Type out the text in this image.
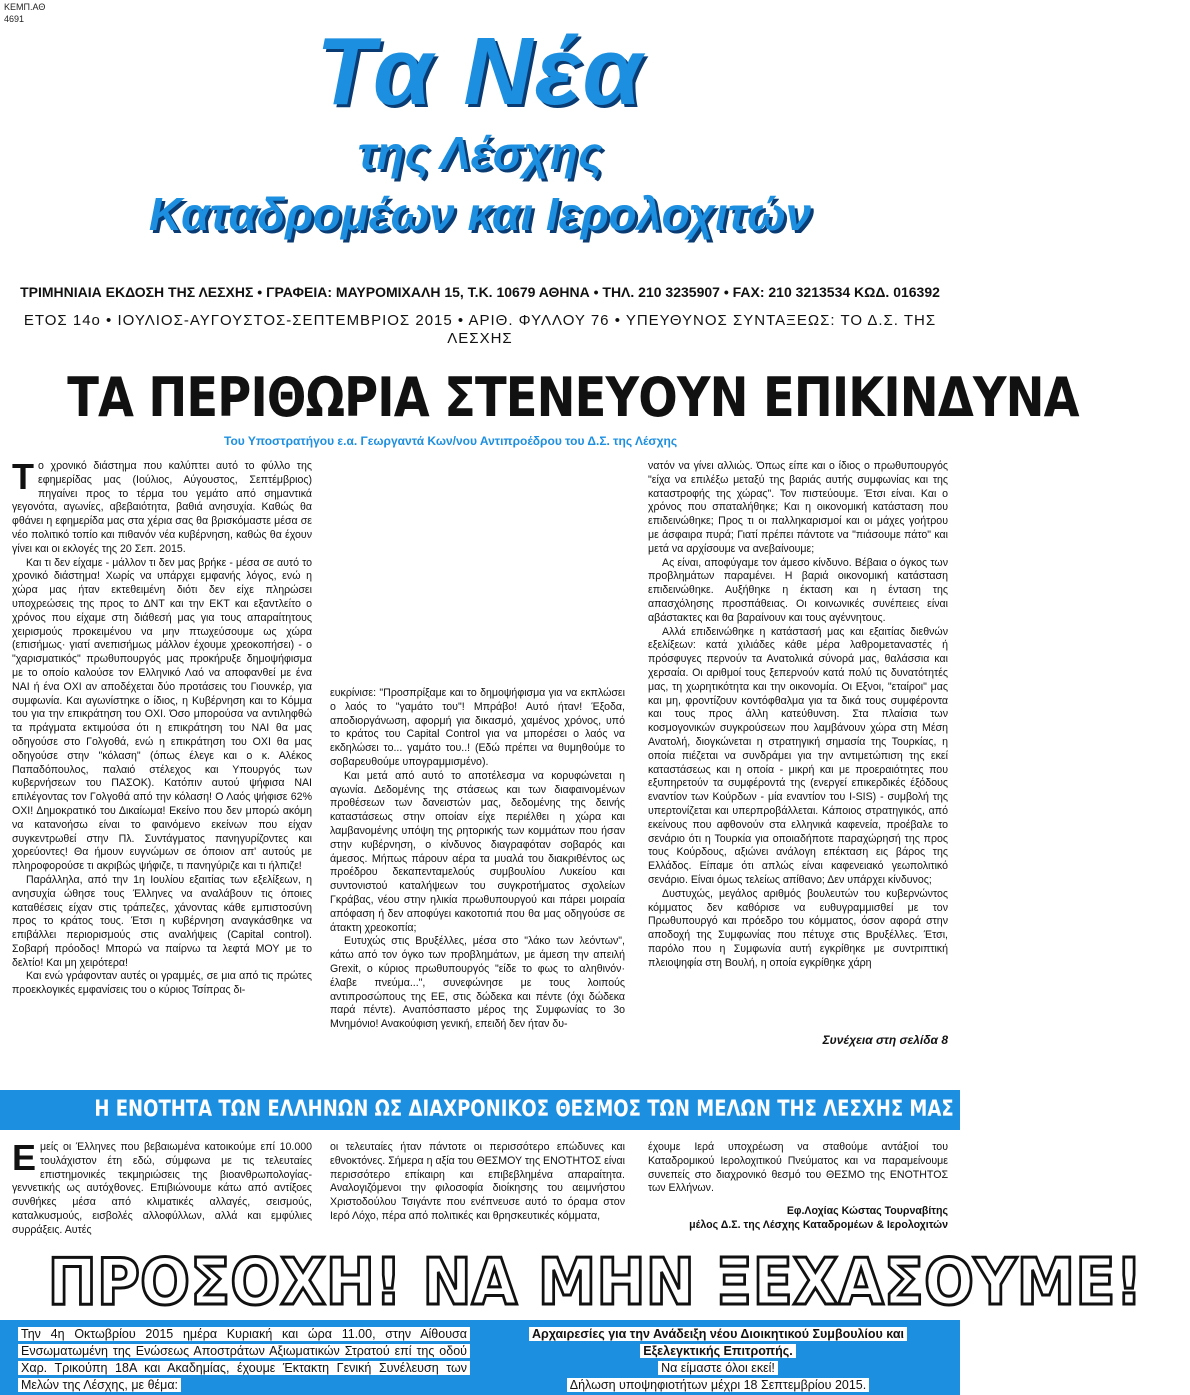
ΚΕΜΠ.ΑΘ
4691	Τα Νέα
της Λέσχης
Καταδρομέων και Ιερολοχιτών
ΤΡΙΜΗΝΙΑΙΑ ΕΚΔΟΣΗ ΤΗΣ ΛΕΣΧΗΣ • ΓΡΑΦΕΙΑ: ΜΑΥΡΟΜΙΧΑΛΗ 15, Τ.Κ. 10679 ΑΘΗΝΑ • ΤΗΛ. 210 3235907 • FAX: 210 3213534 ΚΩΔ. 016392
ΕΤΟΣ 14ο • ΙΟΥΛΙΟΣ-ΑΥΓΟΥΣΤΟΣ-ΣΕΠΤΕΜΒΡΙΟΣ 2015 • ΑΡΙΘ. ΦΥΛΛΟΥ 76 • ΥΠΕΥΘΥΝΟΣ ΣΥΝΤΑΞΕΩΣ: ΤΟ Δ.Σ. ΤΗΣ ΛΕΣΧΗΣ
ΤΑ ΠΕΡΙΘΩΡΙΑ ΣΤΕΝΕΥΟΥΝ ΕΠΙΚΙΝΔΥΝΑ
Του Υποστρατήγου ε.α. Γεωργαντά Κων/νου Αντιπροέδρου του Δ.Σ. της Λέσχης
Τ ο χρονικό διάστημα που καλύπτει αυτό το φύλλο της εφημερίδας μας (Ιούλιος, Αύγουστος, Σεπτέμβριος) πηγαίνει προς το τέρμα του γεμάτο από σημαντικά γεγονότα, αγωνίες, αβεβαιότητα, βαθιά ανησυχία. Καθώς θα φθάνει η εφημερίδα μας στα χέρια σας θα βρισκόμαστε μέσα σε νέο πολιτικό τοπίο και πιθανόν νέα κυβέρνηση, καθώς θα έχουν γίνει και οι εκλογές της 20 Σεπ. 2015.

Και τι δεν είχαμε - μάλλον τι δεν μας βρήκε - μέσα σε αυτό το χρονικό διάστημα! Χωρίς να υπάρχει εμφανής λόγος, ενώ η χώρα μας ήταν εκτεθειμένη διότι δεν είχε πληρώσει υποχρεώσεις της προς το ΔΝΤ και την ΕΚΤ και εξαντλείτο ο χρόνος που είχαμε στη διάθεσή μας για τους απαραίτητους χειρισμούς προκειμένου να μην πτωχεύσουμε ως χώρα (επισήμως· γιατί ανεπισήμως μάλλον έχουμε χρεοκοπήσει) - ο "χαρισματικός" πρωθυπουργός μας προκήρυξε δημοψήφισμα με το οποίο καλούσε τον Ελληνικό Λαό να αποφανθεί με ένα ΝΑΙ ή ένα ΟΧΙ αν αποδέχεται δύο προτάσεις του Γιουνκέρ, για συμφωνία. Και αγωνίστηκε ο ίδιος, η Κυβέρνηση και το Κόμμα του για την επικράτηση του ΟΧΙ. Όσο μπορούσα να αντιληφθώ τα πράγματα εκτιμούσα ότι η επικράτηση του ΝΑΙ θα μας οδηγούσε στο Γολγοθά, ενώ η επικράτηση του ΟΧΙ θα μας οδηγούσε στην "κόλαση" (όπως έλεγε και ο κ. Αλέκος Παπαδόπουλος, παλαιό στέλεχος και Υπουργός των κυβερνήσεων του ΠΑΣΟΚ). Κατόπιν αυτού ψήφισα ΝΑΙ επιλέγοντας τον Γολγοθά από την κόλαση! Ο Λαός ψήφισε 62% ΟΧΙ! Δημοκρατικό του Δικαίωμα! Εκείνο που δεν μπορώ ακόμη να κατανοήσω είναι το φαινόμενο εκείνων που είχαν συγκεντρωθεί στην Πλ. Συντάγματος πανηγυρίζοντες και χορεύοντες! Θα ήμουν ευγνώμων σε όποιον απ' αυτούς με πληροφορούσε τι ακριβώς ψήφιζε, τι πανηγύριζε και τι ήλπιζε!

Παράλληλα, από την 1η Ιουλίου εξαιτίας των εξελίξεων, η ανησυχία ώθησε τους Έλληνες να αναλάβουν τις όποιες καταθέσεις είχαν στις τράπεζες, χάνοντας κάθε εμπιστοσύνη προς το κράτος τους. Έτσι η κυβέρνηση αναγκάσθηκε να επιβάλλει περιορισμούς στις αναλήψεις (Capital control). Σοβαρή πρόοδος! Μπορώ να παίρνω τα λεφτά ΜΟΥ με το δελτίο! Και μη χειρότερα!

Και ενώ γράφονταν αυτές οι γραμμές, σε μια από τις πρώτες προεκλογικές εμφανίσεις του ο κύριος Τσίπρας δι-

ευκρίνισε: "Προσπρίξαμε και το δημοψήφισμα για να εκπλώσει ο λαός το "γαμάτο του"! Μπράβο! Αυτό ήταν! Έξοδα, αποδιοργάνωση, αφορμή για δικασμό, χαμένος χρόνος, υπό το κράτος του Capital Control για να μπορέσει ο λαός να εκδηλώσει το... γαμάτο του..! (Εδώ πρέπει να θυμηθούμε το σοβαρευθούμε υπογραμμισμένο).

Και μετά από αυτό το αποτέλεσμα να κορυφώνεται η αγωνία. Δεδομένης της στάσεως και των διαφαινομένων προθέσεων των δανειστών μας, δεδομένης της δεινής καταστάσεως στην οποίαν είχε περιέλθει η χώρα και λαμβανομένης υπόψη της ρητορικής των κομμάτων που ήσαν στην κυβέρνηση, ο κίνδυνος διαγραφόταν σοβαρός και άμεσος. Μήπως πάρουν αέρα τα μυαλά του διακριθέντος ως προέδρου δεκαπενταμελούς συμβουλίου Λυκείου και συντονιστού καταλήψεων του συγκροτήματος σχολείων Γκράβας, νέου στην ηλικία πρωθυπουργού και πάρει μοιραία απόφαση ή δεν αποφύγει κακοτοπιά που θα μας οδηγούσε σε άτακτη χρεοκοπία;

Ευτυχώς στις Βρυξέλλες, μέσα στο "λάκο των λεόντων", κάτω από τον όγκο των προβλημάτων, με άμεση την απειλή Grexit, ο κύριος πρωθυπουργός "είδε το φως το αληθινόν· έλαβε πνεύμα...", συνεφώνησε με τους λοιπούς αντιπροσώπους της ΕΕ, στις δώδεκα και πέντε (όχι δώδεκα παρά πέντε). Αναπόσπαστο μέρος της Συμφωνίας το 3ο Μνημόνιο! Ανακούφιση γενική, επειδή δεν ήταν δυ-

νατόν να γίνει αλλιώς. Όπως είπε και ο ίδιος ο πρωθυπουργός "είχα να επιλέξω μεταξύ της βαριάς αυτής συμφωνίας και της καταστροφής της χώρας". Τον πιστεύουμε. Έτσι είναι. Και ο χρόνος που σπαταλήθηκε; Και η οικονομική κατάσταση που επιδεινώθηκε; Προς τι οι παλληκαρισμοί και οι μάχες γοήτρου με άσφαιρα πυρά; Γιατί πρέπει πάντοτε να "πιάσουμε πάτο" και μετά να αρχίσουμε να ανεβαίνουμε;

Ας είναι, αποφύγαμε τον άμεσο κίνδυνο. Βέβαια ο όγκος των προβλημάτων παραμένει. Η βαριά οικονομική κατάσταση επιδεινώθηκε. Αυξήθηκε η έκταση και η ένταση της απασχόλησης προσπάθειας. Οι κοινωνικές συνέπειες είναι αβάστακτες και θα βαραίνουν και τους αγέννητους.

Αλλά επιδεινώθηκε η κατάστασή μας και εξαιτίας διεθνών εξελίξεων: κατά χιλιάδες κάθε μέρα λαθρομεταναστές ή πρόσφυγες περνούν τα Ανατολικά σύνορά μας, θαλάσσια και χερσαία. Οι αριθμοί τους ξεπερνούν κατά πολύ τις δυνατότητές μας, τη χωρητικότητα και την οικονομία. Οι Εξνοι, "εταίροι" μας και μη, φροντίζουν κοντόφθαλμα για τα δικά τους συμφέροντα και τους προς άλλη κατεύθυνση. Στα πλαίσια των κοσμογονικών συγκρούσεων που λαμβάνουν χώρα στη Μέση Ανατολή, διογκώνεται η στρατηγική σημασία της Τουρκίας, η οποία πιέζεται να συνδράμει για την αντιμετώπιση της εκεί καταστάσεως και η οποία - μικρή και με προεραιότητες που εξυπηρετούν τα συμφέροντά της (ενεργεί επικερδικές έξόδους εναντίον των Κούρδων - μία εναντίον του I-SIS) - συμβολή της υπερτονίζεται και υπερπροβάλλεται. Κάποιος στρατηγικός, από εκείνους που αφθονούν στα ελληνικά καφενεία, προέβαλε το σενάριο ότι η Τουρκία για οποιαδήποτε παραχώρησή της προς τους Κούρδους, αξιώνει ανάλογη επέκταση εις βάρος της Ελλάδος. Είπαμε ότι απλώς είναι καφενειακό γεωπολιτικό σενάριο. Είναι όμως τελείως απίθανο; Δεν υπάρχει κίνδυνος;

Δυστυχώς, μεγάλος αριθμός βουλευτών του κυβερνώντος κόμματος δεν καθόρισε να ευθυγραμμισθεί με τον Πρωθυπουργό και πρόεδρο του κόμματος, όσον αφορά στην αποδοχή της Συμφωνίας που πέτυχε στις Βρυξέλλες. Έτσι, παρόλο που η Συμφωνία αυτή εγκρίθηκε με συντριπτική πλειοψηφία στη Βουλή, η οποία εγκρίθηκε χάρη

Συνέχεια στη σελίδα 8
Η ΕΝΟΤΗΤΑ ΤΩΝ ΕΛΛΗΝΩΝ ΩΣ ΔΙΑΧΡΟΝΙΚΟΣ ΘΕΣΜΟΣ ΤΩΝ ΜΕΛΩΝ ΤΗΣ ΛΕΣΧΗΣ ΜΑΣ
Ε μείς οι Έλληνες που βεβαιωμένα κατοικούμε επί 10.000 τουλάχιστον έτη εδώ, σύμφωνα με τις τελευταίες επιστημονικές τεκμηριώσεις της βιοανθρωπολογίας-γεννετικής ως αυτόχθονες. Επιβιώνουμε κάτω από αντίξοες συνθήκες μέσα από κλιματικές αλλαγές, σεισμούς, καταλκυσμούς, εισβολές αλλοφύλλων, αλλά και εμφύλιες συρράξεις. Αυτές
οι τελευταίες ήταν πάντοτε οι περισσότερο επώδυνες και εθνοκτόνες. Σήμερα η αξία του ΘΕΣΜΟΥ της ΕΝΟΤΗΤΟΣ είναι περισσότερο επίκαιρη και επιβεβλημένα απαραίτητα. Αναλογιζόμενοι την φιλοσοφία διοίκησης του αειμνήστου Χριστοδούλου Τσιγάντε που ενέπνευσε αυτό το όραμα στον Ιερό Λόχο, πέρα από πολιτικές και θρησκευτικές κόμματα,
έχουμε Ιερά υποχρέωση να σταθούμε αντάξιοί του Καταδρομικού Ιερολοχιτικού Πνεύματος και να παραμείνουμε συνεπείς στο διαχρονικό θεσμό του ΘΕΣΜΟ της ΕΝΟΤΗΤΟΣ των Ελλήνων.
Εφ.Λοχίας Κώστας Τουρναβίτης
μέλος Δ.Σ. της Λέσχης Καταδρομέων & Ιερολοχιτών
ΠΡΟΣΟΧΗ! ΝΑ ΜΗΝ ΞΕΧΑΣΟΥΜΕ!
Την 4η Οκτωβρίου 2015 ημέρα Κυριακή και ώρα 11.00, στην Αίθουσα Ενσωματωμένη της Ενώσεως Αποστράτων Αξιωματικών Στρατού επί της οδού Χαρ. Τρικούπη 18Α και Ακαδημίας, έχουμε Έκτακτη Γενική Συνέλευση των Μελών της Λέσχης, με θέμα:
Αρχαιρεσίες για την Ανάδειξη νέου Διοικητικού Συμβουλίου και Εξελεγκτικής Επιτροπής.
Να είμαστε όλοι εκεί!
Δήλωση υποψηφιοτήτων μέχρι 18 Σεπτεμβρίου 2015.
